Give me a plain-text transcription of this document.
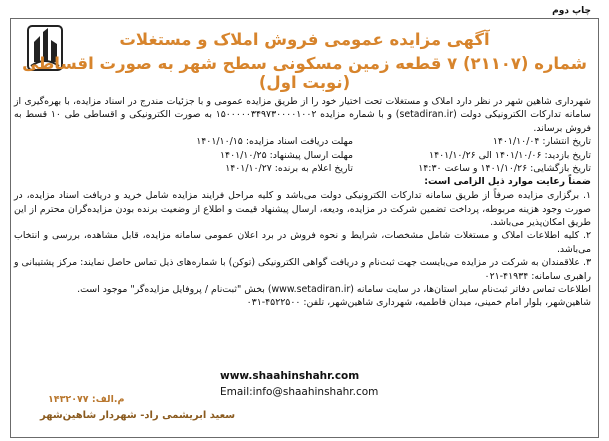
چاپ دوم
آگهی مزایده عمومی فروش املاک و مستغلات
شماره (۲۱۱۰۷) ۷ قطعه زمین مسکونی سطح شهر به صورت اقساطی (نوبت اول)
شهرداری شاهین شهر در نظر دارد املاک و مستغلات تحت اختیار خود را از طریق مزایده عمومی و با جزئیات مندرج در اسناد مزایده، با بهره‌گیری از سامانه تدارکات الکترونیکی دولت (setadiran.ir) و با شماره مزایده ۱۵۰۰۰۰۰۳۴۹۷۳۰۰۰۰۱۰۰۲ به صورت الکترونیکی و اقساطی طی ۱۰ قسط به فروش برساند.
تاریخ انتشار: ۱۴۰۱/۱۰/۰۴
تاریخ بازدید: ۱۴۰۱/۱۰/۰۶ الی ۱۴۰۱/۱۰/۲۶
تاریخ بازگشایی: ۱۴۰۱/۱۰/۲۶ و ساعت ۱۴:۳۰
ضمناً رعایت موارد ذیل الزامی است:
مهلت دریافت اسناد مزایده: ۱۴۰۱/۱۰/۱۵
مهلت ارسال پیشنهاد: ۱۴۰۱/۱۰/۲۵
تاریخ اعلام به برنده: ۱۴۰۱/۱۰/۲۷
۱. برگزاری مزایده صرفاً از طریق سامانه تدارکات الکترونیکی دولت می‌باشد و کلیه مراحل فرایند مزایده شامل خرید و دریافت اسناد مزایده، در صورت وجود هزینه مربوطه، پرداخت تضمین شرکت در مزایده، ودیعه، ارسال پیشنهاد قیمت و اطلاع از وضعیت برنده بودن مزایده‌گران محترم از این طریق امکان‌پذیر می‌باشد.
۲. کلیه اطلاعات املاک و مستغلات شامل مشخصات، شرایط و نحوه فروش در برد اعلان عمومی سامانه مزایده، قابل مشاهده، بررسی و انتخاب می‌باشد.
۳. علاقمندان به شرکت در مزایده می‌بایست جهت ثبت‌نام و دریافت گواهی الکترونیکی (توکن) با شماره‌های ذیل تماس حاصل نمایند: مرکز پشتیبانی و راهبری سامانه: ۴۱۹۳۴-۰۲۱
اطلاعات تماس دفاتر ثبت‌نام سایر استان‌ها، در سایت سامانه (www.setadiran.ir) بخش "ثبت‌نام / پروفایل مزایده‌گر" موجود است.
شاهین‌شهر، بلوار امام خمینی، میدان فاطمیه، شهرداری شاهین‌شهر، تلفن: ۴۵۲۲۵۰۰-۰۳۱
www.shaahinshahr.com
Email:info@shaahinshahr.com
م.الف: ۱۴۳۲۰۷۷
سعید ابریشمی راد- شهردار شاهین‌شهر
